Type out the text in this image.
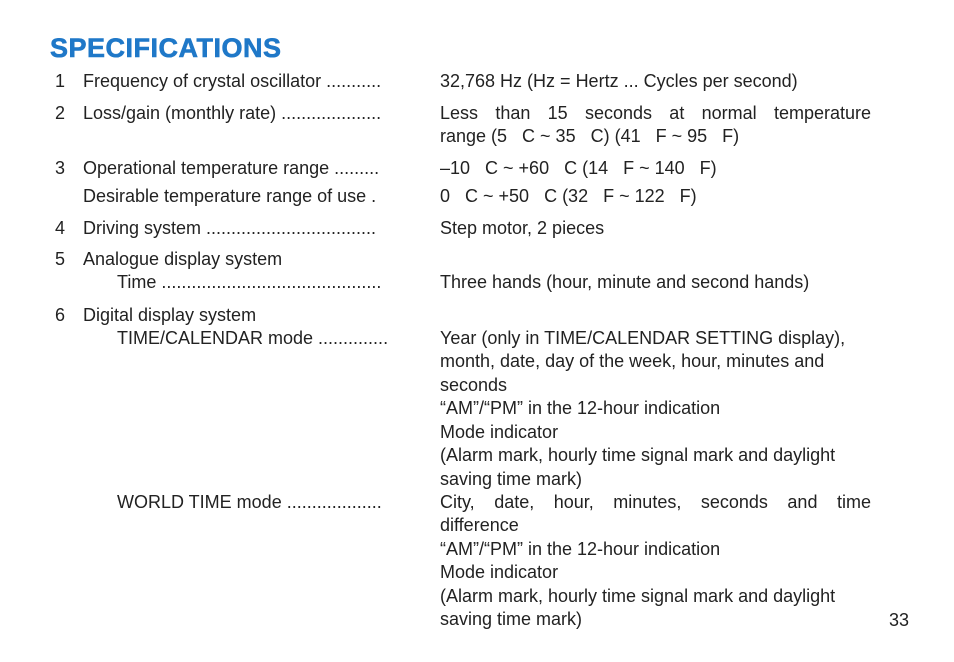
SPECIFICATIONS
1 Frequency of crystal oscillator ...........	32,768 Hz (Hz = Hertz ... Cycles per second)
2 Loss/gain (monthly rate) ....................	Less than 15 seconds at normal temperature
range (5   C ~ 35   C) (41   F ~ 95   F)
3 Operational temperature range .........	–10   C ~ +60   C (14   F ~ 140   F)
Desirable temperature range of use .	0   C ~ +50   C (32   F ~ 122   F)
4 Driving system ..................................	Step motor, 2 pieces
5 Analogue display system
Time ............................................	Three hands (hour, minute and second hands)
6 Digital display system
TIME/CALENDAR mode ..............	Year (only in TIME/CALENDAR SETTING display),
month, date, day of the week, hour, minutes and
seconds
“AM”/“PM” in the 12-hour indication
Mode indicator
(Alarm mark, hourly time signal mark and daylight
saving time mark)
WORLD TIME mode ...................	City, date, hour, minutes, seconds and time
difference
“AM”/“PM” in the 12-hour indication
Mode indicator
(Alarm mark, hourly time signal mark and daylight
saving time mark)	33
